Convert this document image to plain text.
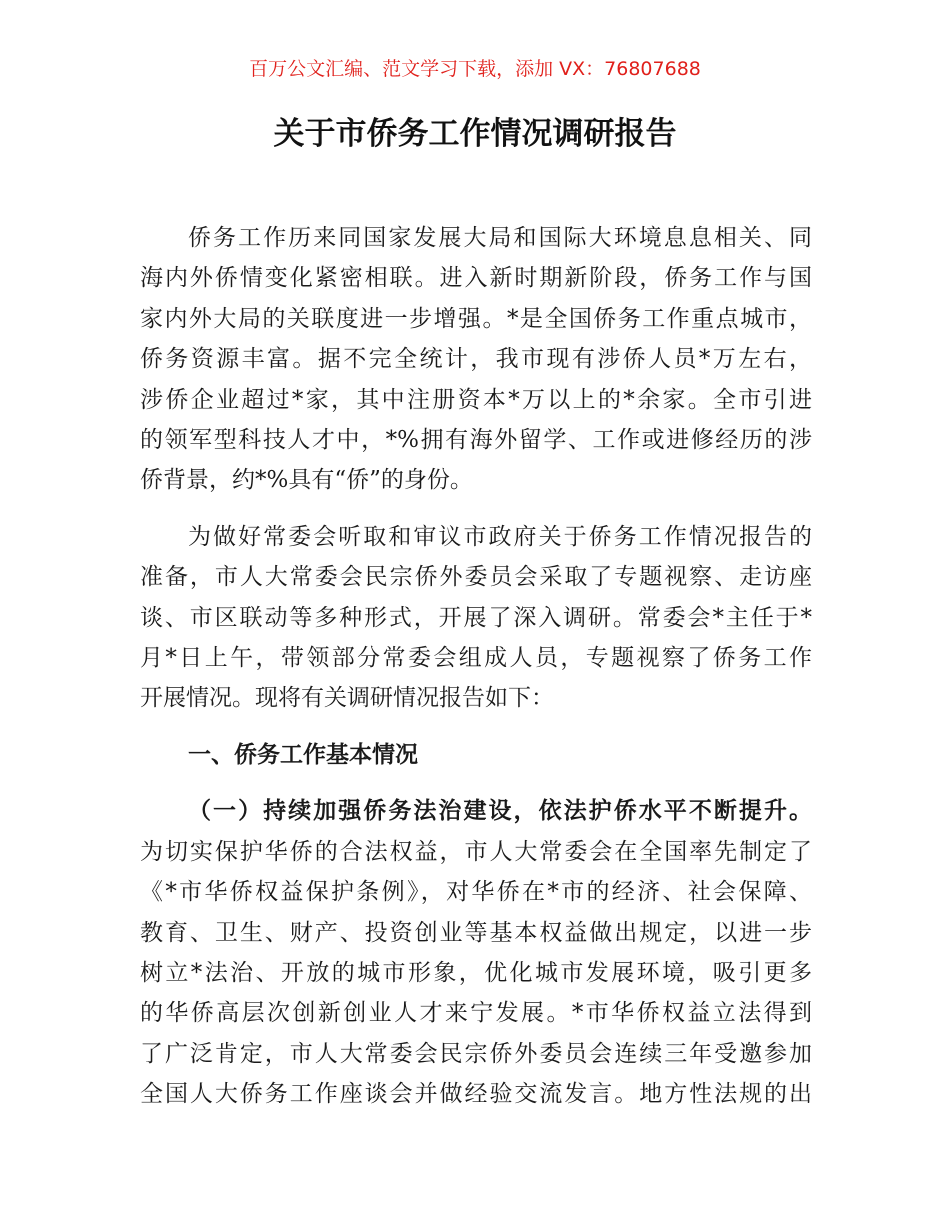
百万公文汇编、范文学习下载，添加 VX：76807688
关于市侨务工作情况调研报告
侨务工作历来同国家发展大局和国际大环境息息相关、同
海内外侨情变化紧密相联。进入新时期新阶段，侨务工作与国
家内外大局的关联度进一步增强。*是全国侨务工作重点城市，
侨务资源丰富。据不完全统计，我市现有涉侨人员*万左右，
涉侨企业超过*家，其中注册资本*万以上的*余家。全市引进
的领军型科技人才中，*%拥有海外留学、工作或进修经历的涉
侨背景，约*%具有“侨”的身份。
为做好常委会听取和审议市政府关于侨务工作情况报告的
准备，市人大常委会民宗侨外委员会采取了专题视察、走访座
谈、市区联动等多种形式，开展了深入调研。常委会*主任于*
月*日上午，带领部分常委会组成人员，专题视察了侨务工作
开展情况。现将有关调研情况报告如下：
一、侨务工作基本情况
（一）持续加强侨务法治建设，依法护侨水平不断提升。
为切实保护华侨的合法权益，市人大常委会在全国率先制定了
《*市华侨权益保护条例》，对华侨在*市的经济、社会保障、
教育、卫生、财产、投资创业等基本权益做出规定，以进一步
树立*法治、开放的城市形象，优化城市发展环境，吸引更多
的华侨高层次创新创业人才来宁发展。*市华侨权益立法得到
了广泛肯定，市人大常委会民宗侨外委员会连续三年受邀参加
全国人大侨务工作座谈会并做经验交流发言。地方性法规的出
